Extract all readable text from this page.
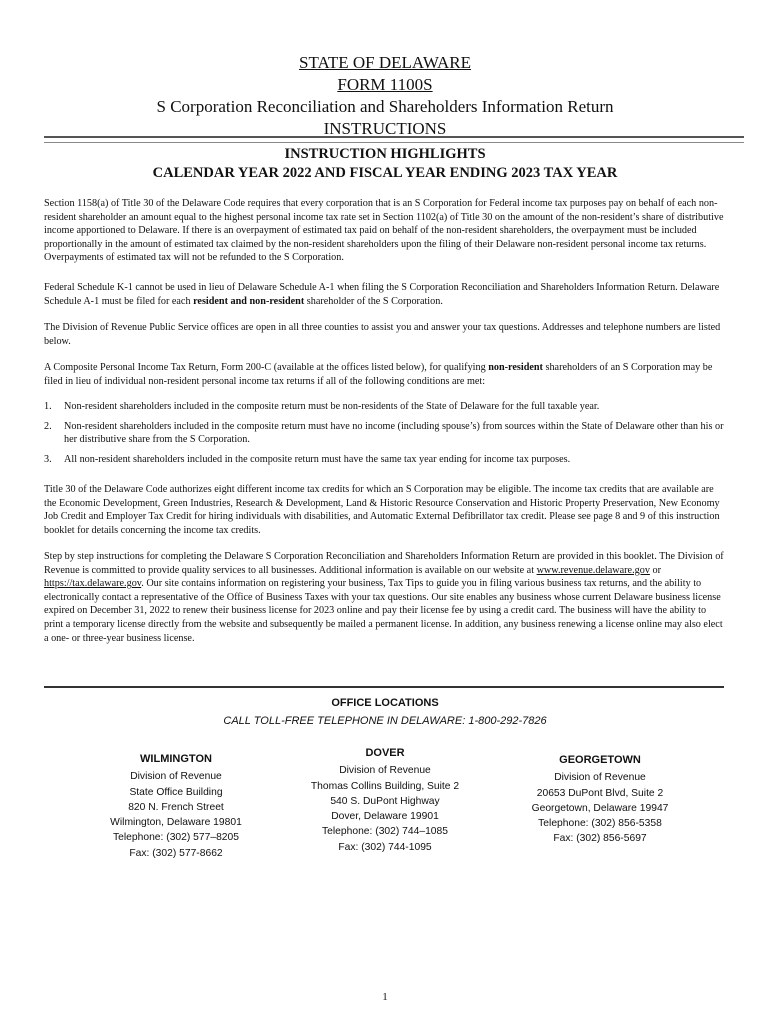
STATE OF DELAWARE
FORM 1100S
S Corporation Reconciliation and Shareholders Information Return
INSTRUCTIONS
INSTRUCTION HIGHLIGHTS
CALENDAR YEAR 2022 AND FISCAL YEAR ENDING 2023 TAX YEAR

Section 1158(a) of Title 30 of the Delaware Code requires that every corporation that is an S Corporation for Federal income tax purposes pay on behalf of each non-resident shareholder an amount equal to the highest personal income tax rate set in Section 1102(a) of Title 30 on the amount of the non-resident’s share of distributive income apportioned to Delaware. If there is an overpayment of estimated tax paid on behalf of the non-resident shareholders, the overpayment must be included proportionally in the amount of estimated tax claimed by the non-resident shareholders upon the filing of their Delaware non-resident personal income tax returns. Overpayments of estimated tax will not be refunded to the S Corporation.

Federal Schedule K-1 cannot be used in lieu of Delaware Schedule A-1 when filing the S Corporation Reconciliation and Shareholders Information Return. Delaware Schedule A-1 must be filed for each resident and non-resident shareholder of the S Corporation.

The Division of Revenue Public Service offices are open in all three counties to assist you and answer your tax questions. Addresses and telephone numbers are listed below.

A Composite Personal Income Tax Return, Form 200-C (available at the offices listed below), for qualifying non-resident shareholders of an S Corporation may be filed in lieu of individual non-resident personal income tax returns if all of the following conditions are met:

1. Non-resident shareholders included in the composite return must be non-residents of the State of Delaware for the full taxable year.
2. Non-resident shareholders included in the composite return must have no income (including spouse’s) from sources within the State of Delaware other than his or her distributive share from the S Corporation.
3. All non-resident shareholders included in the composite return must have the same tax year ending for income tax purposes.

Title 30 of the Delaware Code authorizes eight different income tax credits for which an S Corporation may be eligible. The income tax credits that are available are the Economic Development, Green Industries, Research & Development, Land & Historic Resource Conservation and Historic Property Preservation, New Economy Job Credit and Employer Tax Credit for hiring individuals with disabilities, and Automatic External Defibrillator tax credit. Please see page 8 and 9 of this instruction booklet for details concerning the income tax credits.

Step by step instructions for completing the Delaware S Corporation Reconciliation and Shareholders Information Return are provided in this booklet. The Division of Revenue is committed to provide quality services to all businesses. Additional information is available on our website at www.revenue.delaware.gov or https://tax.delaware.gov. Our site contains information on registering your business, Tax Tips to guide you in filing various business tax returns, and the ability to electronically contact a representative of the Office of Business Taxes with your tax questions. Our site enables any business whose current Delaware business license expired on December 31, 2022 to renew their business license for 2023 online and pay their license fee by using a credit card. The business will have the ability to print a temporary license directly from the website and subsequently be mailed a permanent license. In addition, any business renewing a license online may also elect a one- or three-year business license.

OFFICE LOCATIONS
CALL TOLL-FREE TELEPHONE IN DELAWARE: 1-800-292-7826
WILMINGTON
Division of Revenue
State Office Building
820 N. French Street
Wilmington, Delaware 19801
Telephone: (302) 577–8205
Fax: (302) 577-8662
DOVER
Division of Revenue
Thomas Collins Building, Suite 2
540 S. DuPont Highway
Dover, Delaware 19901
Telephone: (302) 744–1085
Fax: (302) 744-1095
GEORGETOWN
Division of Revenue
20653 DuPont Blvd, Suite 2
Georgetown, Delaware 19947
Telephone: (302) 856-5358
Fax: (302) 856-5697
1
